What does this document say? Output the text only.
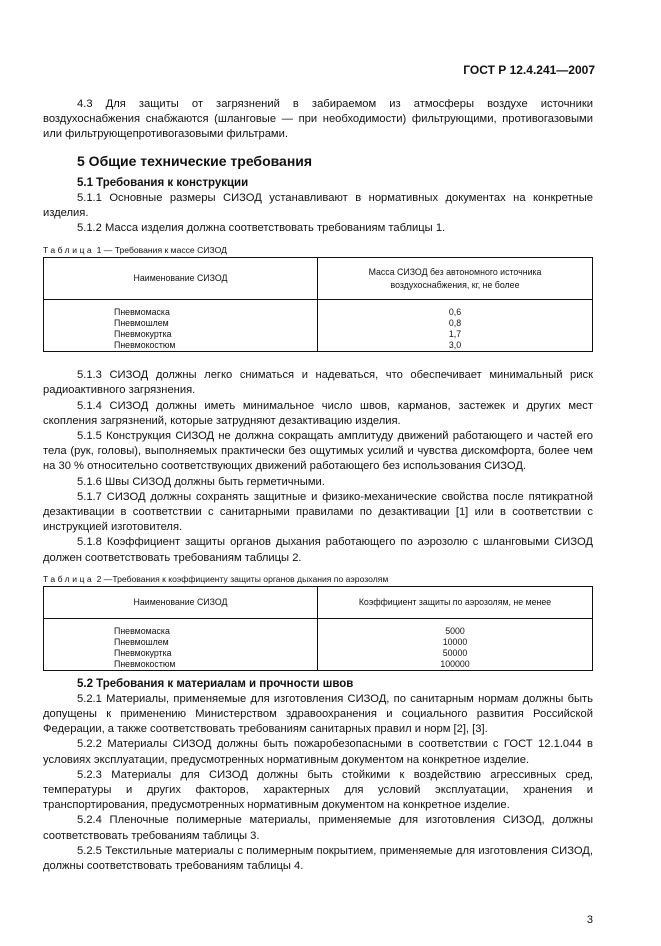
ГОСТ Р 12.4.241—2007

4.3 Для защиты от загрязнений в забираемом из атмосферы воздухе источники воздухоснабжения снабжаются (шланговые — при необходимости) фильтрующими, противогазовыми или фильтрующепротивогазовыми фильтрами.

5 Общие технические требования
5.1 Требования к конструкции

5.1.1 Основные размеры СИЗОД устанавливают в нормативных документах на конкретные изделия.

5.1.2 Масса изделия должна соответствовать требованиям таблицы 1.

Таблица 1 — Требования к массе СИЗОД
Наименование СИЗОД	Масса СИЗОД без автономного источника воздухоснабжения, кг, не более
Пневмомаска	0,6
Пневмошлем	0,8
Пневмокуртка	1,7
Пневмокостюм	3,0

5.1.3 СИЗОД должны легко сниматься и надеваться, что обеспечивает минимальный риск радиоактивного загрязнения.

5.1.4 СИЗОД должны иметь минимальное число швов, карманов, застежек и других мест скопления загрязнений, которые затрудняют дезактивацию изделия.

5.1.5 Конструкция СИЗОД не должна сокращать амплитуду движений работающего и частей его тела (рук, головы), выполняемых практически без ощутимых усилий и чувства дискомфорта, более чем на 30 % относительно соответствующих движений работающего без использования СИЗОД.

5.1.6 Швы СИЗОД должны быть герметичными.

5.1.7 СИЗОД должны сохранять защитные и физико-механические свойства после пятикратной дезактивации в соответствии с санитарными правилами по дезактивации [1] или в соответствии с инструкцией изготовителя.

5.1.8 Коэффициент защиты органов дыхания работающего по аэрозолю с шланговыми СИЗОД должен соответствовать требованиям таблицы 2.

Таблица 2 —Требования к коэффициенту защиты органов дыхания по аэрозолям
Наименование СИЗОД	Коэффициент защиты по аэрозолям, не менее
Пневмомаска	5000
Пневмошлем	10000
Пневмокуртка	50000
Пневмокостюм	100000
5.2 Требования к материалам и прочности швов

5.2.1 Материалы, применяемые для изготовления СИЗОД, по санитарным нормам должны быть допущены к применению Министерством здравоохранения и социального развития Российской Федерации, а также соответствовать требованиям санитарных правил и норм [2], [3].

5.2.2 Материалы СИЗОД должны быть пожаробезопасными в соответствии с ГОСТ 12.1.044 в условиях эксплуатации, предусмотренных нормативным документом на конкретное изделие.

5.2.3 Материалы для СИЗОД должны быть стойкими к воздействию агрессивных сред, температуры и других факторов, характерных для условий эксплуатации, хранения и транспортирования, предусмотренных нормативным документом на конкретное изделие.

5.2.4 Пленочные полимерные материалы, применяемые для изготовления СИЗОД, должны соответствовать требованиям таблицы 3.

5.2.5 Текстильные материалы с полимерным покрытием, применяемые для изготовления СИЗОД, должны соответствовать требованиям таблицы 4.

3
